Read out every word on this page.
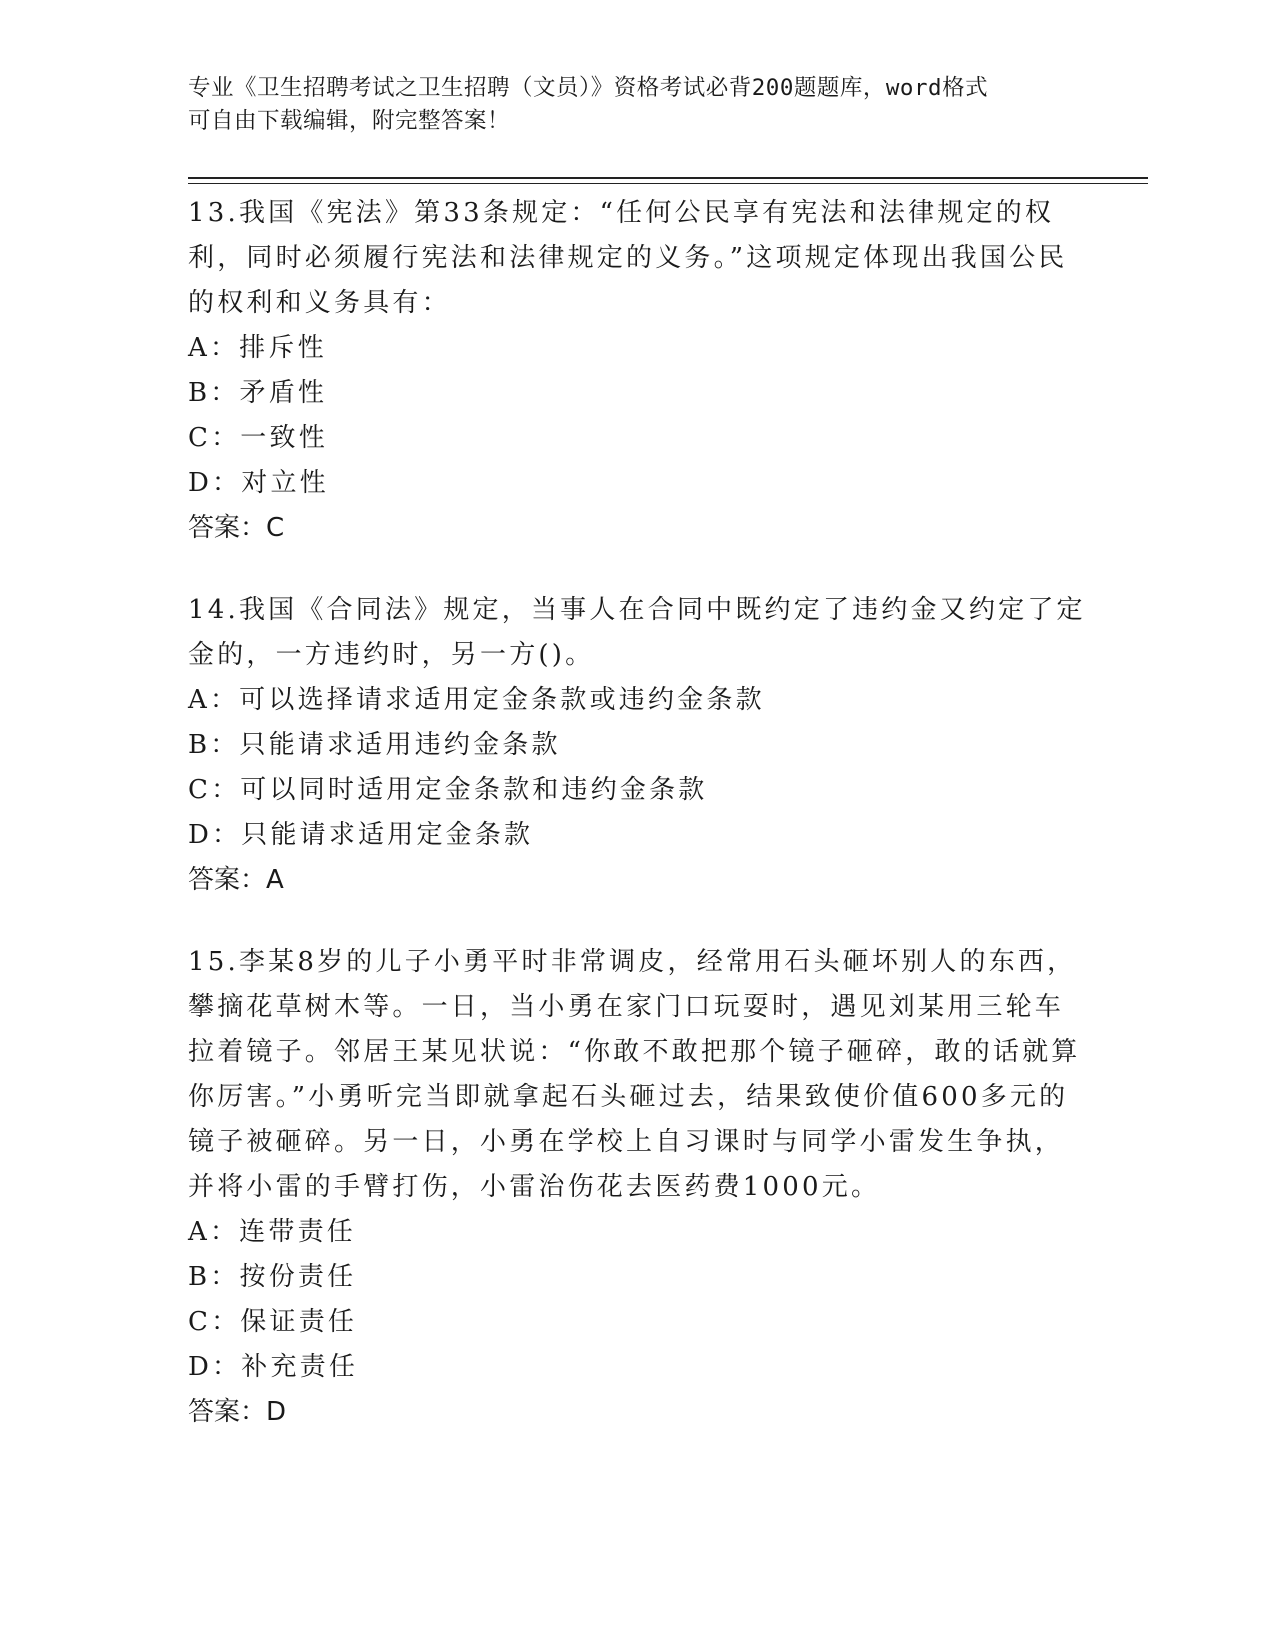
专业《卫生招聘考试之卫生招聘（文员）》资格考试必背200题题库，word格式
可自由下载编辑，附完整答案！

13.我国《宪法》第33条规定：“任何公民享有宪法和法律规定的权利，同时必须履行宪法和法律规定的义务。”这项规定体现出我国公民的权利和义务具有：

A：排斥性

B：矛盾性

C：一致性

D：对立性

答案：C

14.我国《合同法》规定，当事人在合同中既约定了违约金又约定了定金的，一方违约时，另一方()。

A：可以选择请求适用定金条款或违约金条款

B：只能请求适用违约金条款

C：可以同时适用定金条款和违约金条款

D：只能请求适用定金条款

答案：A

15.李某8岁的儿子小勇平时非常调皮，经常用石头砸坏别人的东西，攀摘花草树木等。一日，当小勇在家门口玩耍时，遇见刘某用三轮车拉着镜子。邻居王某见状说：“你敢不敢把那个镜子砸碎，敢的话就算你厉害。”小勇听完当即就拿起石头砸过去，结果致使价值600多元的镜子被砸碎。另一日，小勇在学校上自习课时与同学小雷发生争执，并将小雷的手臂打伤，小雷治伤花去医药费1000元。

A：连带责任

B：按份责任

C：保证责任

D：补充责任

答案：D
